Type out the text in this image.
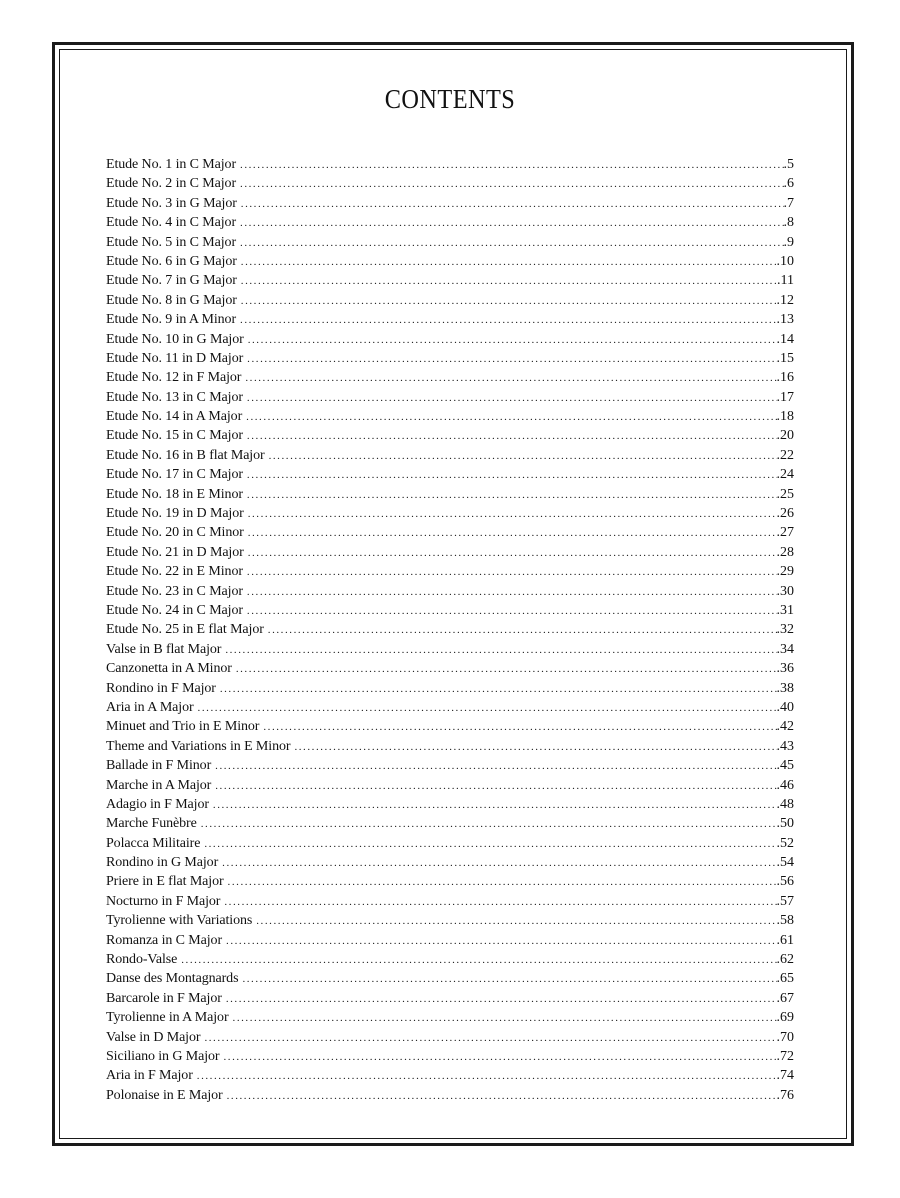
CONTENTS
Etude No. 1 in C Major . . .	. 5
Etude No. 2 in C Major . . .	. 6
Etude No. 3 in G Major . . .	. 7
Etude No. 4 in C Major . . .	. 8
Etude No. 5 in C Major . . .	. 9
Etude No. 6 in G Major . . .	. 10
Etude No. 7 in G Major . . .	. 11
Etude No. 8 in G Major . . .	. 12
Etude No. 9 in A Minor . . .	. 13
Etude No. 10 in G Major . . .	. 14
Etude No. 11 in D Major . . .	. 15
Etude No. 12 in F Major . . .	. 16
Etude No. 13 in C Major . . .	. 17
Etude No. 14 in A Major . . .	. 18
Etude No. 15 in C Major . . .	. 20
Etude No. 16 in B flat Major . . .	. 22
Etude No. 17 in C Major . . .	. 24
Etude No. 18 in E Minor . . .	. 25
Etude No. 19 in D Major . . .	. 26
Etude No. 20 in C Minor . . .	. 27
Etude No. 21 in D Major . . .	. 28
Etude No. 22 in E Minor . . .	. 29
Etude No. 23 in C Major . . .	. 30
Etude No. 24 in C Major . . .	. 31
Etude No. 25 in E flat Major . . .	. 32
Valse in B flat Major . . .	. 34
Canzonetta in A Minor . . .	. 36
Rondino in F Major . . .	. 38
Aria in A Major . . .	. 40
Minuet and Trio in E Minor . . .	. 42
Theme and Variations in E Minor . . .	. 43
Ballade in F Minor . . .	. 45
Marche in A Major . . .	. 46
Adagio in F Major . . .	. 48
Marche Funèbre . . .	. 50
Polacca Militaire . . .	. 52
Rondino in G Major . . .	. 54
Priere in E flat Major . . .	. 56
Nocturno in F Major . . .	. 57
Tyrolienne with Variations . . .	. 58
Romanza in C Major . . .	. 61
Rondo-Valse . . .	. 62
Danse des Montagnards . . .	. 65
Barcarole in F Major . . .	. 67
Tyrolienne in A Major . . .	. 69
Valse in D Major . . .	. 70
Siciliano in G Major . . .	. 72
Aria in F Major . . .	. 74
Polonaise in E Major . . .	. 76
